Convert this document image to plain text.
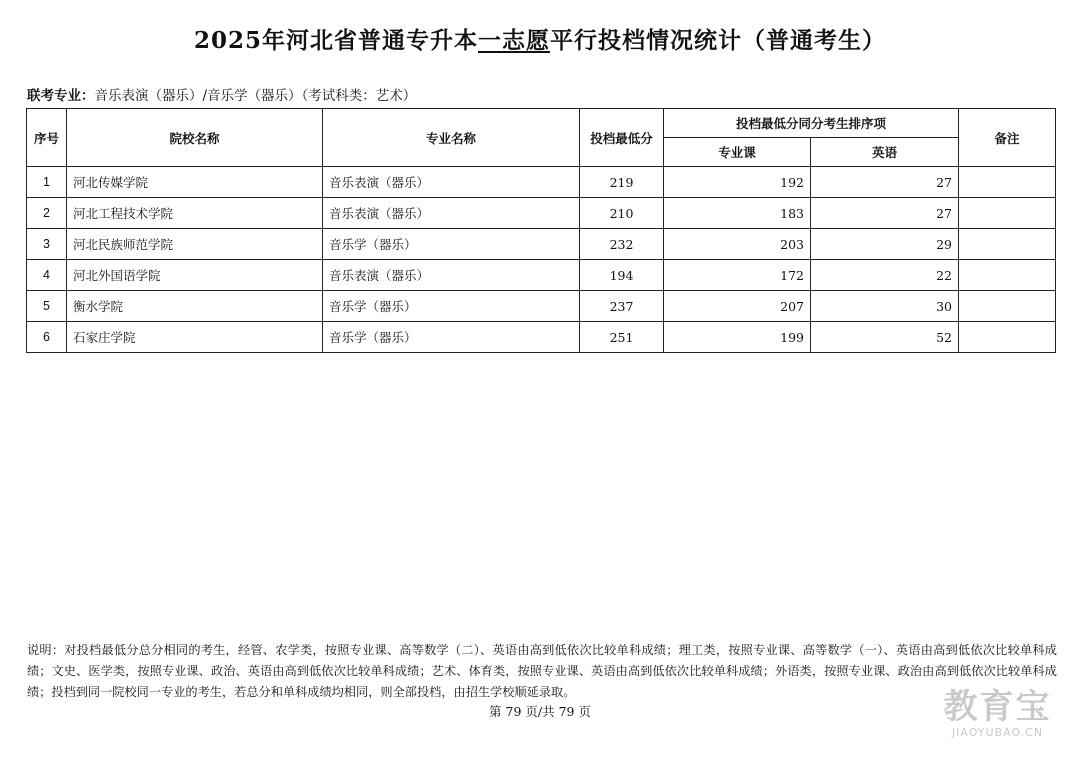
2025年河北省普通专升本一志愿平行投档情况统计（普通考生）
联考专业：音乐表演（器乐）/音乐学（器乐）（考试科类：艺术）
序号	院校名称	专业名称	投档最低分	投档最低分同分考生排序项		备注
				专业课	英语	
1	河北传媒学院	音乐表演（器乐）	219	192	27	
2	河北工程技术学院	音乐表演（器乐）	210	183	27	
3	河北民族师范学院	音乐学（器乐）	232	203	29	
4	河北外国语学院	音乐表演（器乐）	194	172	22	
5	衡水学院	音乐学（器乐）	237	207	30	
6	石家庄学院	音乐学（器乐）	251	199	52	
说明：对投档最低分总分相同的考生，经管、农学类，按照专业课、高等数学（二）、英语由高到低依次比较单科成绩；理工类，按照专业课、高等数学（一）、英语由高到低依次比较单科成绩；文史、医学类，按照专业课、政治、英语由高到低依次比较单科成绩；艺术、体育类，按照专业课、英语由高到低依次比较单科成绩；外语类，按照专业课、政治由高到低依次比较单科成绩；投档到同一院校同一专业的考生，若总分和单科成绩均相同，则全部投档，由招生学校顺延录取。
第 79 页/共 79 页	教育宝
JIAOYUBAO.CN
